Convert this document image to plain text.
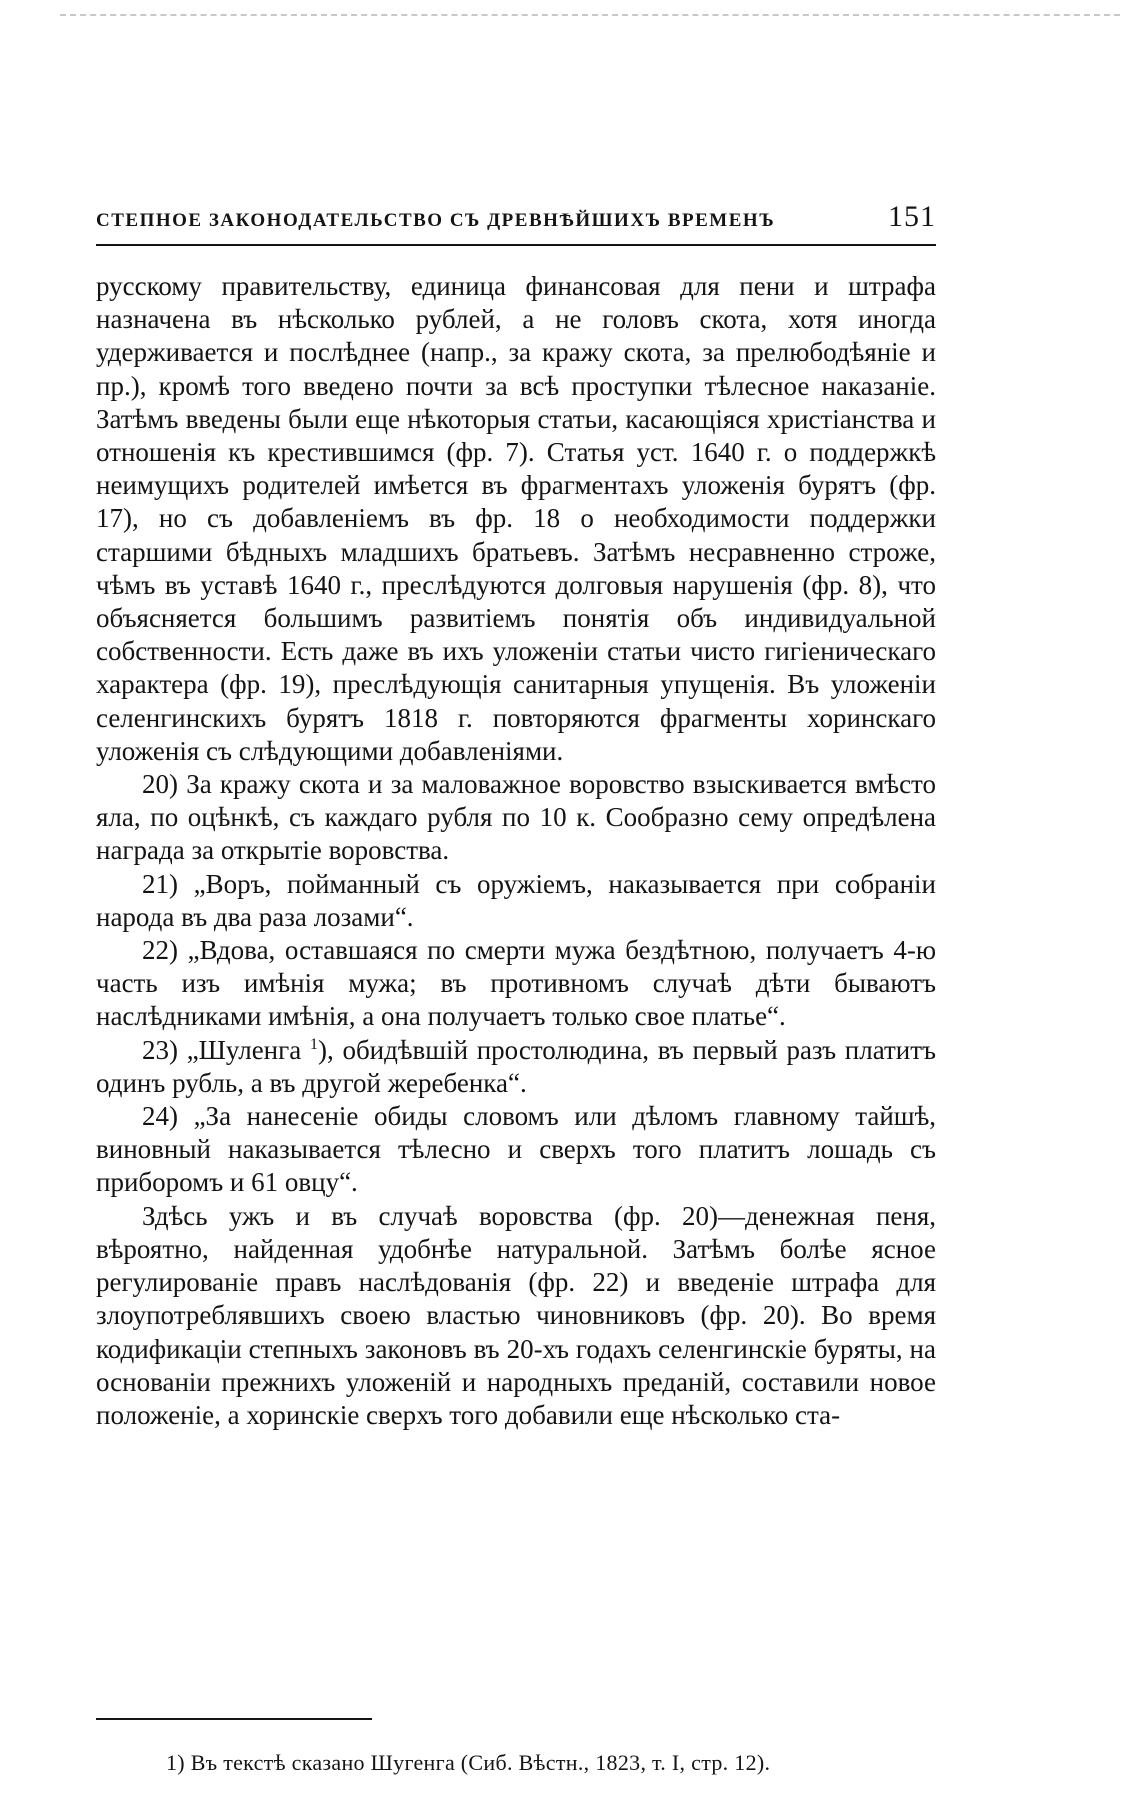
СТЕПНОЕ ЗАКОНОДАТЕЛЬСТВО СЪ ДРЕВНѢЙШИХЪ ВРЕМЕНЪ	151

русскому правительству, единица финансовая для пени и штрафа назначена въ нѣсколько рублей, а не головъ скота, хотя иногда удерживается и послѣднее (напр., за кражу скота, за прелюбодѣяніе и пр.), кромѣ того введено почти за всѣ проступки тѣлесное наказаніе. Затѣмъ введены были еще нѣкоторыя статьи, касающіяся христіанства и отношенія къ крестившимся (фр. 7). Статья уст. 1640 г. о поддержкѣ неимущихъ родителей имѣется въ фрагментахъ уложенія бурятъ (фр. 17), но съ добавленіемъ въ фр. 18 о необходимости поддержки старшими бѣдныхъ младшихъ братьевъ. Затѣмъ несравненно строже, чѣмъ въ уставѣ 1640 г., преслѣдуются долговыя нарушенія (фр. 8), что объясняется большимъ развитіемъ понятія объ индивидуальной собственности. Есть даже въ ихъ уложеніи статьи чисто гигіеническаго характера (фр. 19), преслѣдующія санитарныя упущенія. Въ уложеніи селенгинскихъ бурятъ 1818 г. повторяются фрагменты хоринскаго уложенія съ слѣдующими добавленіями.

20) За кражу скота и за маловажное воровство взыскивается вмѣсто яла, по оцѣнкѣ, съ каждаго рубля по 10 к. Сообразно сему опредѣлена награда за открытіе воровства.

21) „Воръ, пойманный съ оружіемъ, наказывается при собраніи народа въ два раза лозами“.

22) „Вдова, оставшаяся по смерти мужа бездѣтною, получаетъ 4-ю часть изъ имѣнія мужа; въ противномъ случаѣ дѣти бываютъ наслѣдниками имѣнія, а она получаетъ только свое платье“.

23) „Шуленга $^1$), обидѣвшій простолюдина, въ первый разъ платитъ одинъ рубль, а въ другой жеребенка“.

24) „За нанесеніе обиды словомъ или дѣломъ главному тайшѣ, виновный наказывается тѣлесно и сверхъ того платитъ лошадь съ приборомъ и 61 овцу“.

Здѣсь ужъ и въ случаѣ воровства (фр. 20)—денежная пеня, вѣроятно, найденная удобнѣе натуральной. Затѣмъ болѣе ясное регулированіе правъ наслѣдованія (фр. 22) и введеніе штрафа для злоупотреблявшихъ своею властью чиновниковъ (фр. 20). Во время кодификаціи степныхъ законовъ въ 20-хъ годахъ селенгинскіе буряты, на основаніи прежнихъ уложеній и народныхъ преданій, составили новое положеніе, а хоринскіе сверхъ того добавили еще нѣсколько ста-

1) Въ текстѣ сказано Шугенга (Сиб. Вѣстн., 1823, т. I, стр. 12).
